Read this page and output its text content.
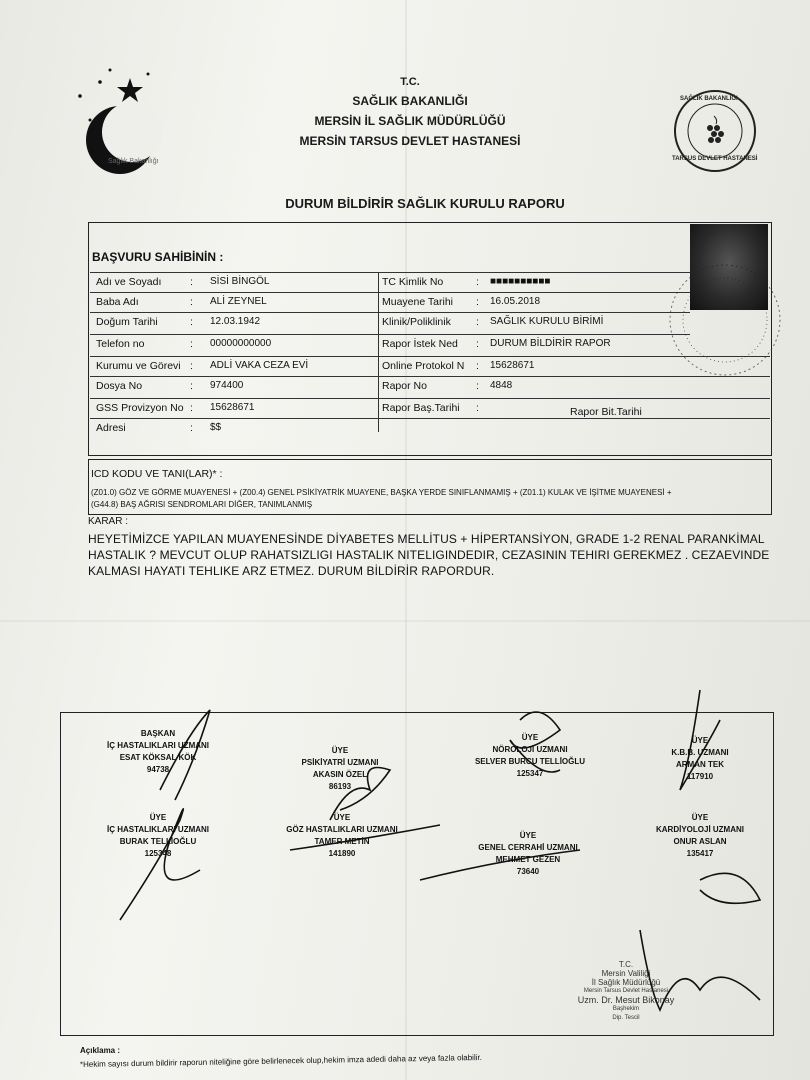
Sağlık Bakanlığı
T.C.
SAĞLIK BAKANLIĞI
MERSİN İL SAĞLIK MÜDÜRLÜĞÜ
MERSİN TARSUS DEVLET HASTANESİ
SAĞLIK BAKANLIĞI
TARSUS DEVLET HASTANESİ
DURUM BİLDİRİR SAĞLIK KURULU RAPORU
BAŞVURU SAHİBİNİN :
Adı ve Soyadı	: SİSİ BİNGÖL	TC Kimlik No	: ■■■■■■■■■■
Baba Adı	: ALİ ZEYNEL	Muayene Tarihi : 16.05.2018
Doğum Tarihi	: 12.03.1942	Klinik/Poliklinik : SAĞLIK KURULU BİRİMİ
Telefon no	: 00000000000	Rapor İstek Ned : DURUM BİLDİRİR RAPOR
Kurumu ve Görevi : ADLİ VAKA CEZA EVİ	Online Protokol N : 15628671
Dosya No	: 974400	Rapor No	: 4848
GSS Provizyon No : 15628671	Rapor Baş.Tarihi :
Adresi	: $$
Rapor Bit.Tarihi
ICD KODU VE TANI(LAR)* :
(Z01.0) GÖZ VE GÖRME MUAYENESİ + (Z00.4) GENEL PSİKİYATRİK MUAYENE, BAŞKA YERDE SINIFLANMAMIŞ + (Z01.1) KULAK VE İŞİTME MUAYENESİ +
(G44.8) BAŞ AĞRISI SENDROMLARI DİĞER, TANIMLANMIŞ
KARAR :
HEYETİMİZCE YAPILAN MUAYENESİNDE DİYABETES MELLİTUS + HİPERTANSİYON, GRADE 1-2 RENAL PARANKİMAL
HASTALIK ? MEVCUT OLUP RAHATSIZLIGI HASTALIK NITELIGINDEDIR, CEZASININ TEHIRI GEREKMEZ . CEZAEVINDE
KALMASI HAYATI TEHLIKE ARZ ETMEZ. DURUM BİLDİRİR RAPORDUR.
BAŞKAN
İÇ HASTALIKLARI UZMANI
ESAT KÖKSAL KÖK
94738
ÜYE
PSİKİYATRİ UZMANI
AKASIN ÖZEL
86193
ÜYE
NÖROLOJİ UZMANI
SELVER BURCU TELLİOĞLU
125347
ÜYE
K.B.B. UZMANI
ARMAN TEK
117910
ÜYE
İÇ HASTALIKLARI UZMANI
BURAK TELLİOĞLU
125348
ÜYE
GÖZ HASTALIKLARI UZMANI
TAMER METİN
141890
ÜYE
GENEL CERRAHİ UZMANI
MEHMET GEZEN
73640
ÜYE
KARDİYOLOJİ UZMANI
ONUR ASLAN
135417
T.C.
Mersin Valiliği
İl Sağlık Müdürlüğü
Mersin Tarsus Devlet Hastanesi
Uzm. Dr. Mesut Bikonay
Başhekim
Dip. Tescil
Açıklama :
*Hekim sayısı durum bildirir raporun niteliğine göre belirlenecek olup,hekim imza adedi daha az veya fazla olabilir.
